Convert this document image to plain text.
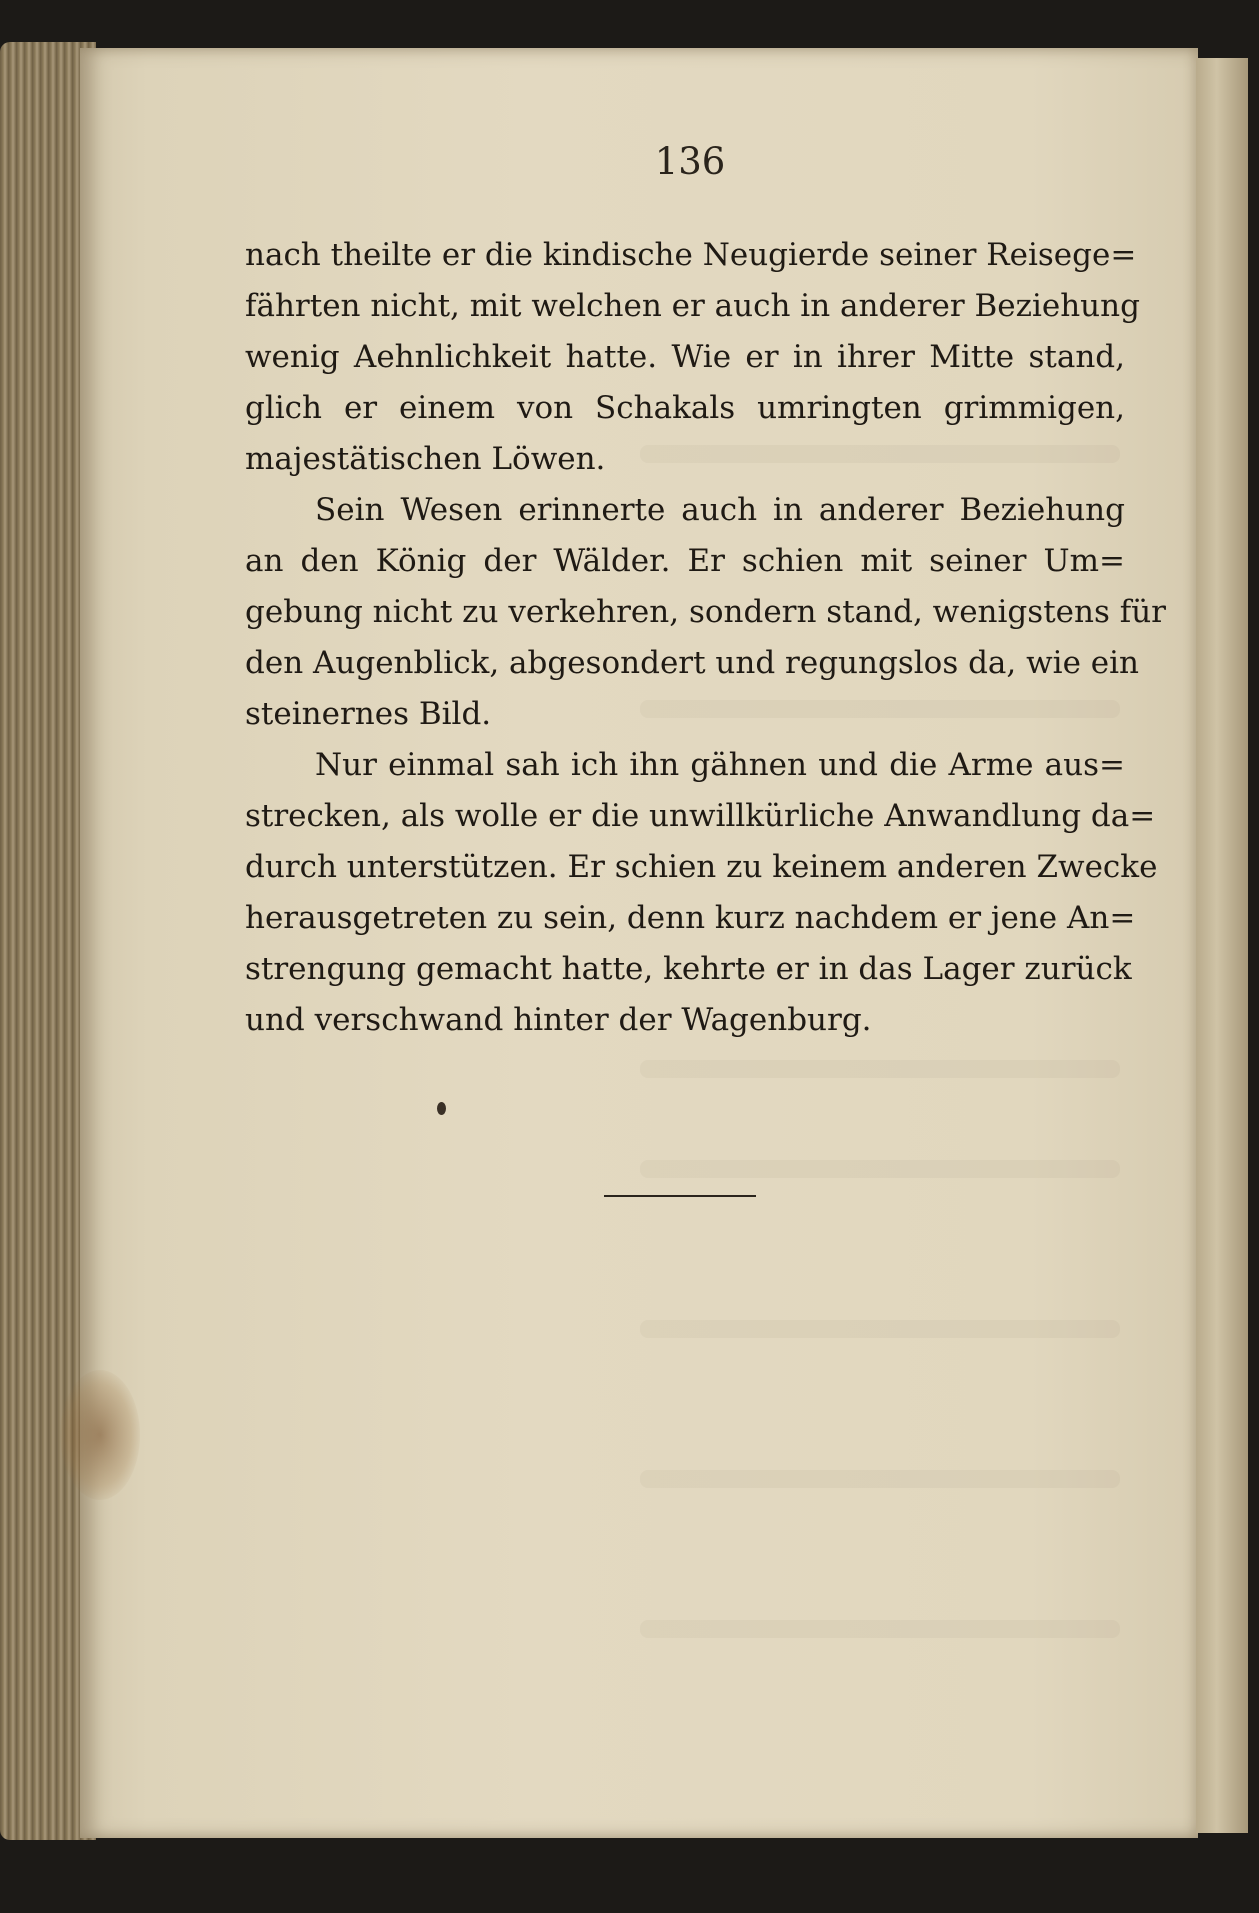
136
nach theilte er die kindische Neugierde seiner Reisege=
fährten nicht, mit welchen er auch in anderer Beziehung
wenig Aehnlichkeit hatte. Wie er in ihrer Mitte stand,
glich er einem von Schakals umringten grimmigen,
majestätischen Löwen.
Sein Wesen erinnerte auch in anderer Beziehung
an den König der Wälder. Er schien mit seiner Um=
gebung nicht zu verkehren, sondern stand, wenigstens für
den Augenblick, abgesondert und regungslos da, wie ein
steinernes Bild.
Nur einmal sah ich ihn gähnen und die Arme aus=
strecken, als wolle er die unwillkürliche Anwandlung da=
durch unterstützen. Er schien zu keinem anderen Zwecke
herausgetreten zu sein, denn kurz nachdem er jene An=
strengung gemacht hatte, kehrte er in das Lager zurück
und verschwand hinter der Wagenburg.
